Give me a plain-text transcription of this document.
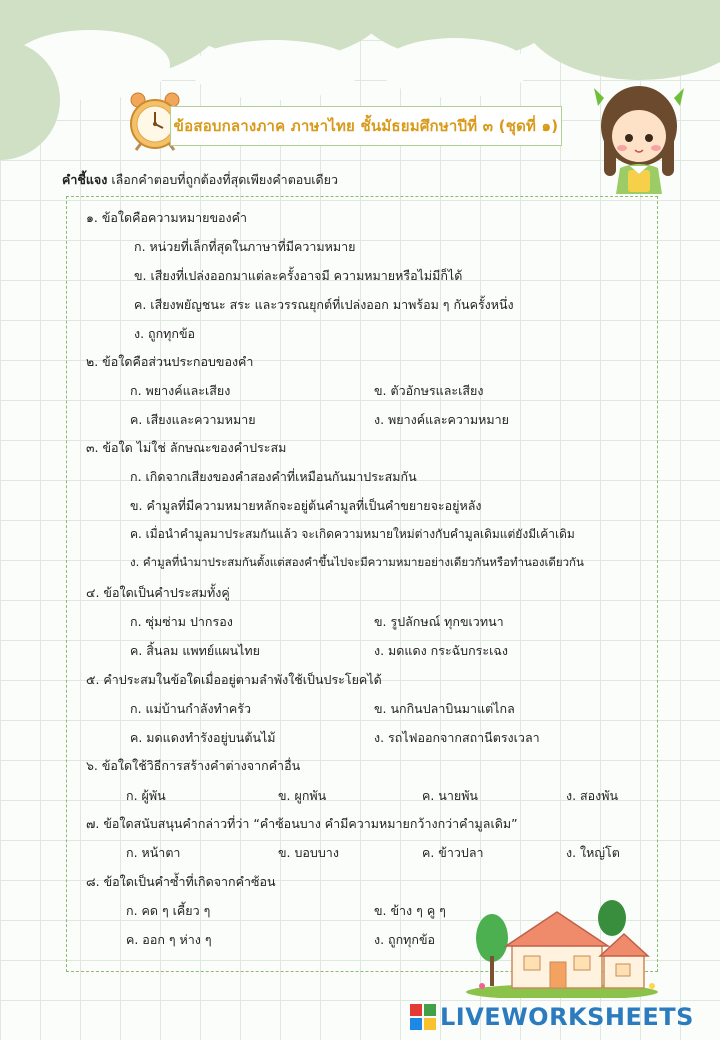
ข้อสอบกลางภาค ภาษาไทย ชั้นมัธยมศึกษาปีที่ ๓ (ชุดที่ ๑)
คำชี้แจง เลือกคำตอบที่ถูกต้องที่สุดเพียงคำตอบเดียว
๑. ข้อใดคือความหมายของคำ
ก. หน่วยที่เล็กที่สุดในภาษาที่มีความหมาย
ข. เสียงที่เปล่งออกมาแต่ละครั้งอาจมี ความหมายหรือไม่มีก็ได้
ค. เสียงพยัญชนะ สระ และวรรณยุกต์ที่เปล่งออก มาพร้อม ๆ กันครั้งหนึ่ง
ง. ถูกทุกข้อ
๒. ข้อใดคือส่วนประกอบของคำ
ก. พยางค์และเสียง	ข. ตัวอักษรและเสียง
ค. เสียงและความหมาย	ง. พยางค์และความหมาย
๓. ข้อใด ไม่ใช่ ลักษณะของคำประสม
ก. เกิดจากเสียงของคำสองคำที่เหมือนกันมาประสมกัน
ข. คำมูลที่มีความหมายหลักจะอยู่ต้นคำมูลที่เป็นคำขยายจะอยู่หลัง
ค. เมื่อนำคำมูลมาประสมกันแล้ว จะเกิดความหมายใหม่ต่างกับคำมูลเดิมแต่ยังมีเค้าเดิม
ง. คำมูลที่นำมาประสมกันตั้งแต่สองคำขึ้นไปจะมีความหมายอย่างเดียวกันหรือทำนองเดียวกัน
๔. ข้อใดเป็นคำประสมทั้งคู่
ก. ซุ่มซ่าม ปากรอง	ข. รูปลักษณ์ ทุกขเวทนา
ค. สิ้นลม แพทย์แผนไทย	ง. มดแดง กระฉับกระเฉง
๕. คำประสมในข้อใดเมื่ออยู่ตามลำพังใช้เป็นประโยคได้
ก. แม่บ้านกำลังทำครัว	ข. นกกินปลาบินมาแต่ไกล
ค. มดแดงทำรังอยู่บนต้นไม้	ง. รถไฟออกจากสถานีตรงเวลา
๖. ข้อใดใช้วิธีการสร้างคำต่างจากคำอื่น
ก. ผู้พัน	ข. ผูกพัน	ค. นายพัน	ง. สองพัน
๗. ข้อใดสนับสนุนคำกล่าวที่ว่า “คำซ้อนบาง คำมีความหมายกว้างกว่าคำมูลเดิม”
ก. หน้าตา	ข. บอบบาง	ค. ข้าวปลา	ง. ใหญ่โต
๘. ข้อใดเป็นคำซ้ำที่เกิดจากคำซ้อน
ก. คด ๆ เคี้ยว ๆ	ข. ข้าง ๆ คู ๆ
ค. ออก ๆ ห่าง ๆ	ง. ถูกทุกข้อ
LIVEWORKSHEETS
